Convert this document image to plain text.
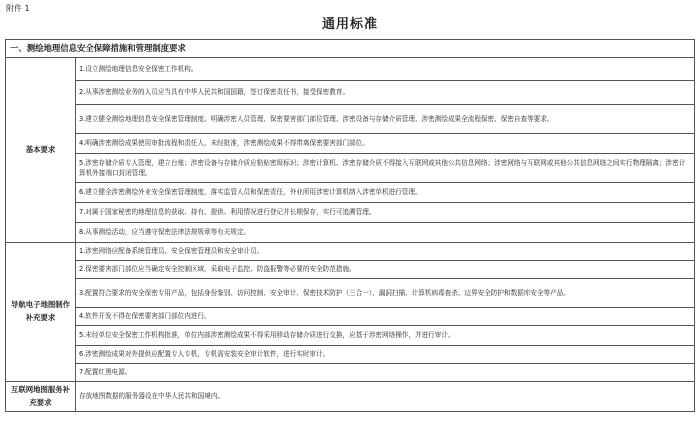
附件 1
通用标准
一、测绘地理信息安全保障措施和管理制度要求	
基本要求	1.设立测绘地理信息安全保密工作机构。
	2.从事涉密测绘业务的人员应当具有中华人民共和国国籍，签订保密责任书，接受保密教育。
	3.建立健全测绘地理信息安全保密管理制度。明确涉密人员管理、保密要害部门部位管理、涉密设备与存储介质管理、涉密测绘成果全流程保密、保密自查等要求。
	4.明确涉密测绘成果使用审批流程和责任人，未经批准，涉密测绘成果不得带离保密要害部门部位。
	5.涉密存储介质专人管理，建立台账；涉密设备与存储介质应粘贴密级标识；涉密计算机、涉密存储介质不得接入互联网或其他公共信息网络；涉密网络与互联网或其他公共信息网络之间实行物理隔离；涉密计算机外接端口封闭管理。
	6.建立健全涉密测绘外业安全保密管理制度，落实监管人员和保密责任，外业所用涉密计算机纳入涉密单机进行管理。
	7.对属于国家秘密的地理信息的获取、持有、提供、利用情况进行登记并长期保存，实行可追溯管理。
	8.从事测绘活动，应当遵守保密法律法规规章等有关规定。
导航电子地图制作补充要求	1.涉密网络应配备系统管理员、安全保密管理员和安全审计员。
	2.保密要害部门部位应当确定安全控制区域，采取电子监控、防盗报警等必要的安全防范措施。
	3.配置符合要求的安全保密专用产品，包括身份鉴别、访问控制、安全审计、保密技术防护（三合一）、漏洞扫描、计算机病毒查杀、边界安全防护和数据库安全等产品。
	4.软件开发不得在保密要害部门部位内进行。
	5.未经单位安全保密工作机构批准，单位内部涉密测绘成果不得采用移动存储介质进行交换，应基于涉密网络操作，并进行审计。
	6.涉密测绘成果对外提供应配置专人专机，专机需安装安全审计软件，进行实时审计。
	7.配置红黑电源。
互联网地图服务补充要求	存放地图数据的服务器设在中华人民共和国境内。
